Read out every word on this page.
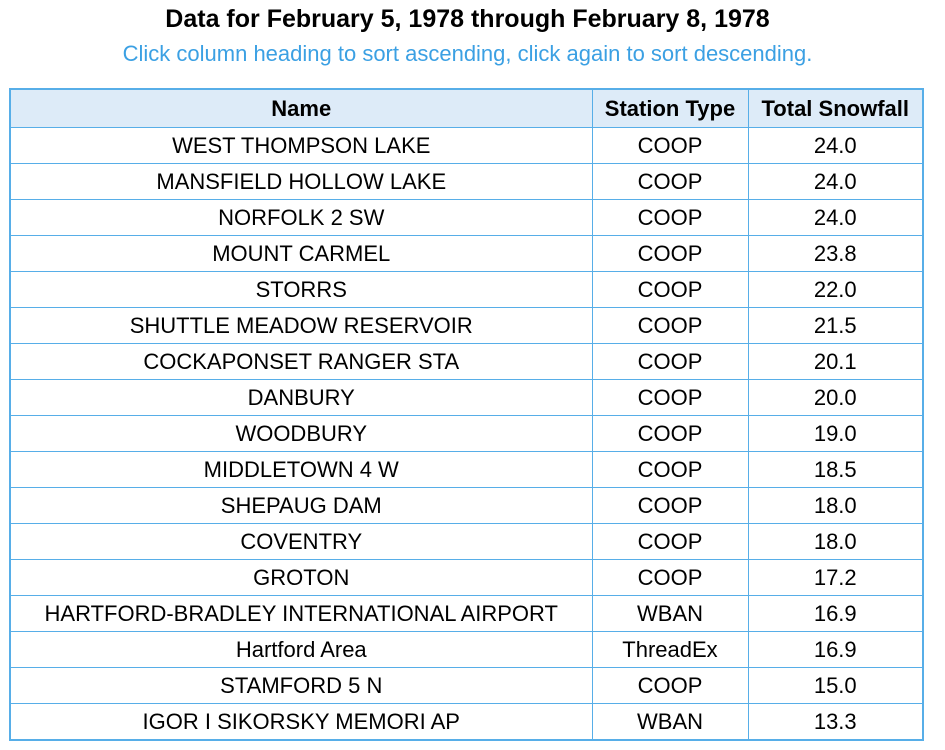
Data for February 5, 1978 through February 8, 1978
Click column heading to sort ascending, click again to sort descending.
Name	Station Type	Total Snowfall
WEST THOMPSON LAKE	COOP	24.0
MANSFIELD HOLLOW LAKE	COOP	24.0
NORFOLK 2 SW	COOP	24.0
MOUNT CARMEL	COOP	23.8
STORRS	COOP	22.0
SHUTTLE MEADOW RESERVOIR	COOP	21.5
COCKAPONSET RANGER STA	COOP	20.1
DANBURY	COOP	20.0
WOODBURY	COOP	19.0
MIDDLETOWN 4 W	COOP	18.5
SHEPAUG DAM	COOP	18.0
COVENTRY	COOP	18.0
GROTON	COOP	17.2
HARTFORD-BRADLEY INTERNATIONAL AIRPORT	WBAN	16.9
Hartford Area	ThreadEx	16.9
STAMFORD 5 N	COOP	15.0
IGOR I SIKORSKY MEMORI AP	WBAN	13.3
